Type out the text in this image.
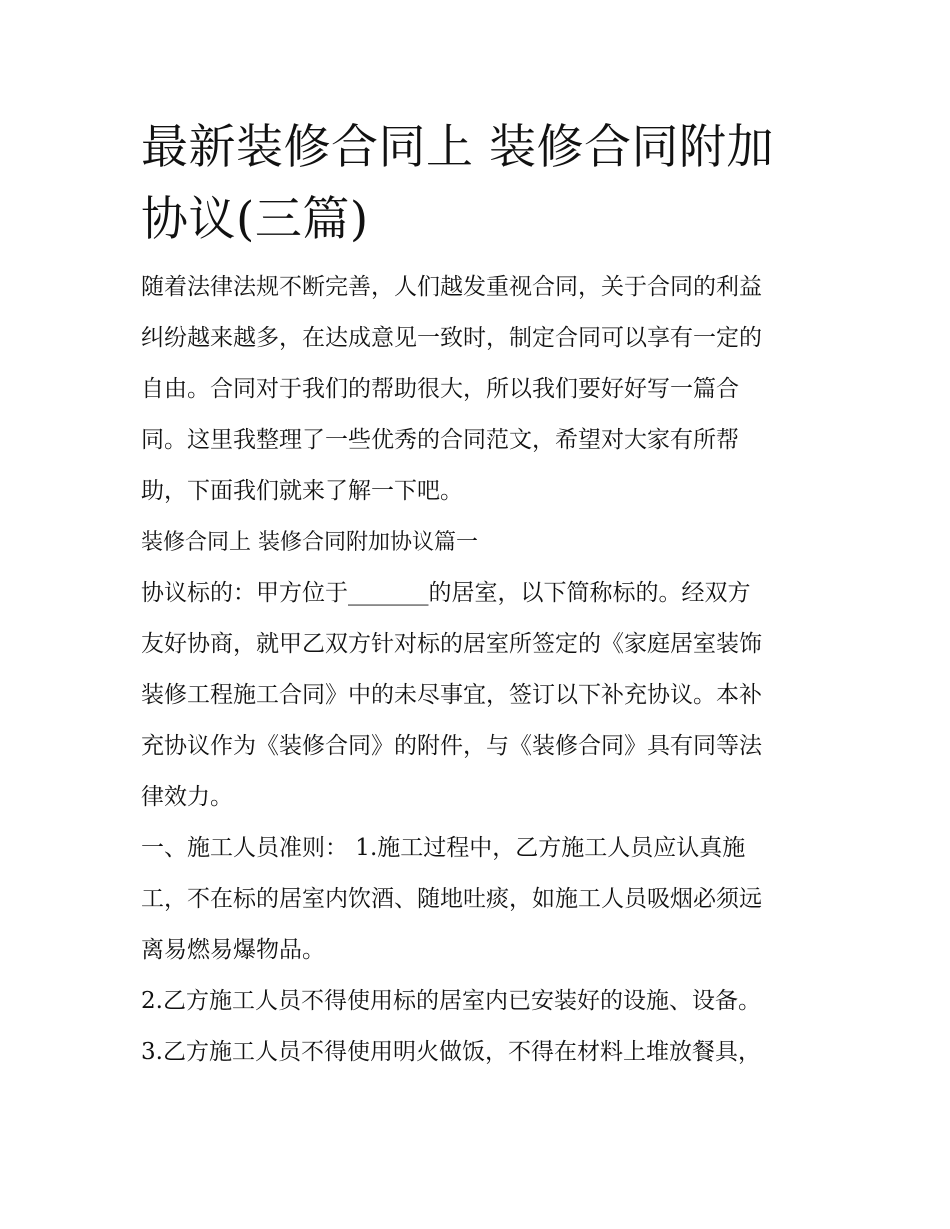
最新装修合同上 装修合同附加
协议(三篇)
随着法律法规不断完善，人们越发重视合同，关于合同的利益
纠纷越来越多，在达成意见一致时，制定合同可以享有一定的
自由。合同对于我们的帮助很大，所以我们要好好写一篇合
同。这里我整理了一些优秀的合同范文，希望对大家有所帮
助，下面我们就来了解一下吧。
装修合同上 装修合同附加协议篇一
协议标的：甲方位于_______的居室，以下简称标的。经双方
友好协商，就甲乙双方针对标的居室所签定的《家庭居室装饰
装修工程施工合同》中的未尽事宜，签订以下补充协议。本补
充协议作为《装修合同》的附件，与《装修合同》具有同等法
律效力。
一、施工人员准则： 1.施工过程中，乙方施工人员应认真施
工，不在标的居室内饮酒、随地吐痰，如施工人员吸烟必须远
离易燃易爆物品。
2.乙方施工人员不得使用标的居室内已安装好的设施、设备。
3.乙方施工人员不得使用明火做饭，不得在材料上堆放餐具，
